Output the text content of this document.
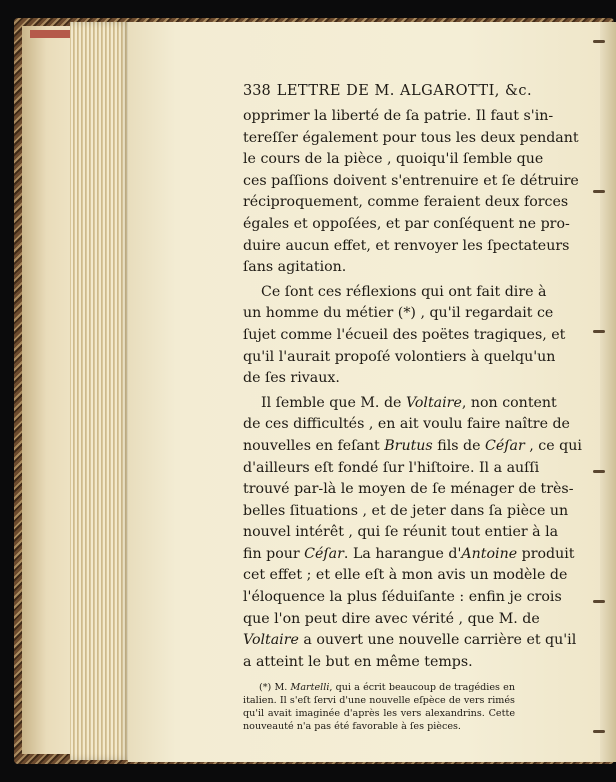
338 LETTRE DE M. ALGAROTTI, &c.
opprimer la liberté de ſa patrie. Il faut s'in-
tereſſer également pour tous les deux pendant
le cours de la pièce , quoiqu'il ſemble que
ces paſſions doivent s'entrenuire et ſe détruire
réciproquement, comme feraient deux forces
égales et oppoſées, et par conſéquent ne pro-
duire aucun effet, et renvoyer les ſpectateurs
ſans agitation.
Ce ſont ces réflexions qui ont fait dire à
un homme du métier (*) , qu'il regardait ce
ſujet comme l'écueil des poëtes tragiques, et
qu'il l'aurait propoſé volontiers à quelqu'un
de ſes rivaux.
Il ſemble que M. de Voltaire, non content
de ces difficultés , en ait voulu faire naître de
nouvelles en feſant Brutus fils de Céſar , ce qui
d'ailleurs eſt fondé ſur l'hiſtoire. Il a auſſi
trouvé par-là le moyen de ſe ménager de très-
belles ſituations , et de jeter dans ſa pièce un
nouvel intérêt , qui ſe réunit tout entier à la
fin pour Céſar. La harangue d'Antoine produit
cet effet ; et elle eſt à mon avis un modèle de
l'éloquence la plus ſéduiſante : enfin je crois
que l'on peut dire avec vérité , que M. de
Voltaire a ouvert une nouvelle carrière et qu'il
a atteint le but en même temps.
(*) M. Martelli, qui a écrit beaucoup de tragédies en
italien. Il s'eſt ſervi d'une nouvelle eſpèce de vers rimés
qu'il avait imaginée d'après les vers alexandrins. Cette
nouveauté n'a pas été favorable à ſes pièces.
